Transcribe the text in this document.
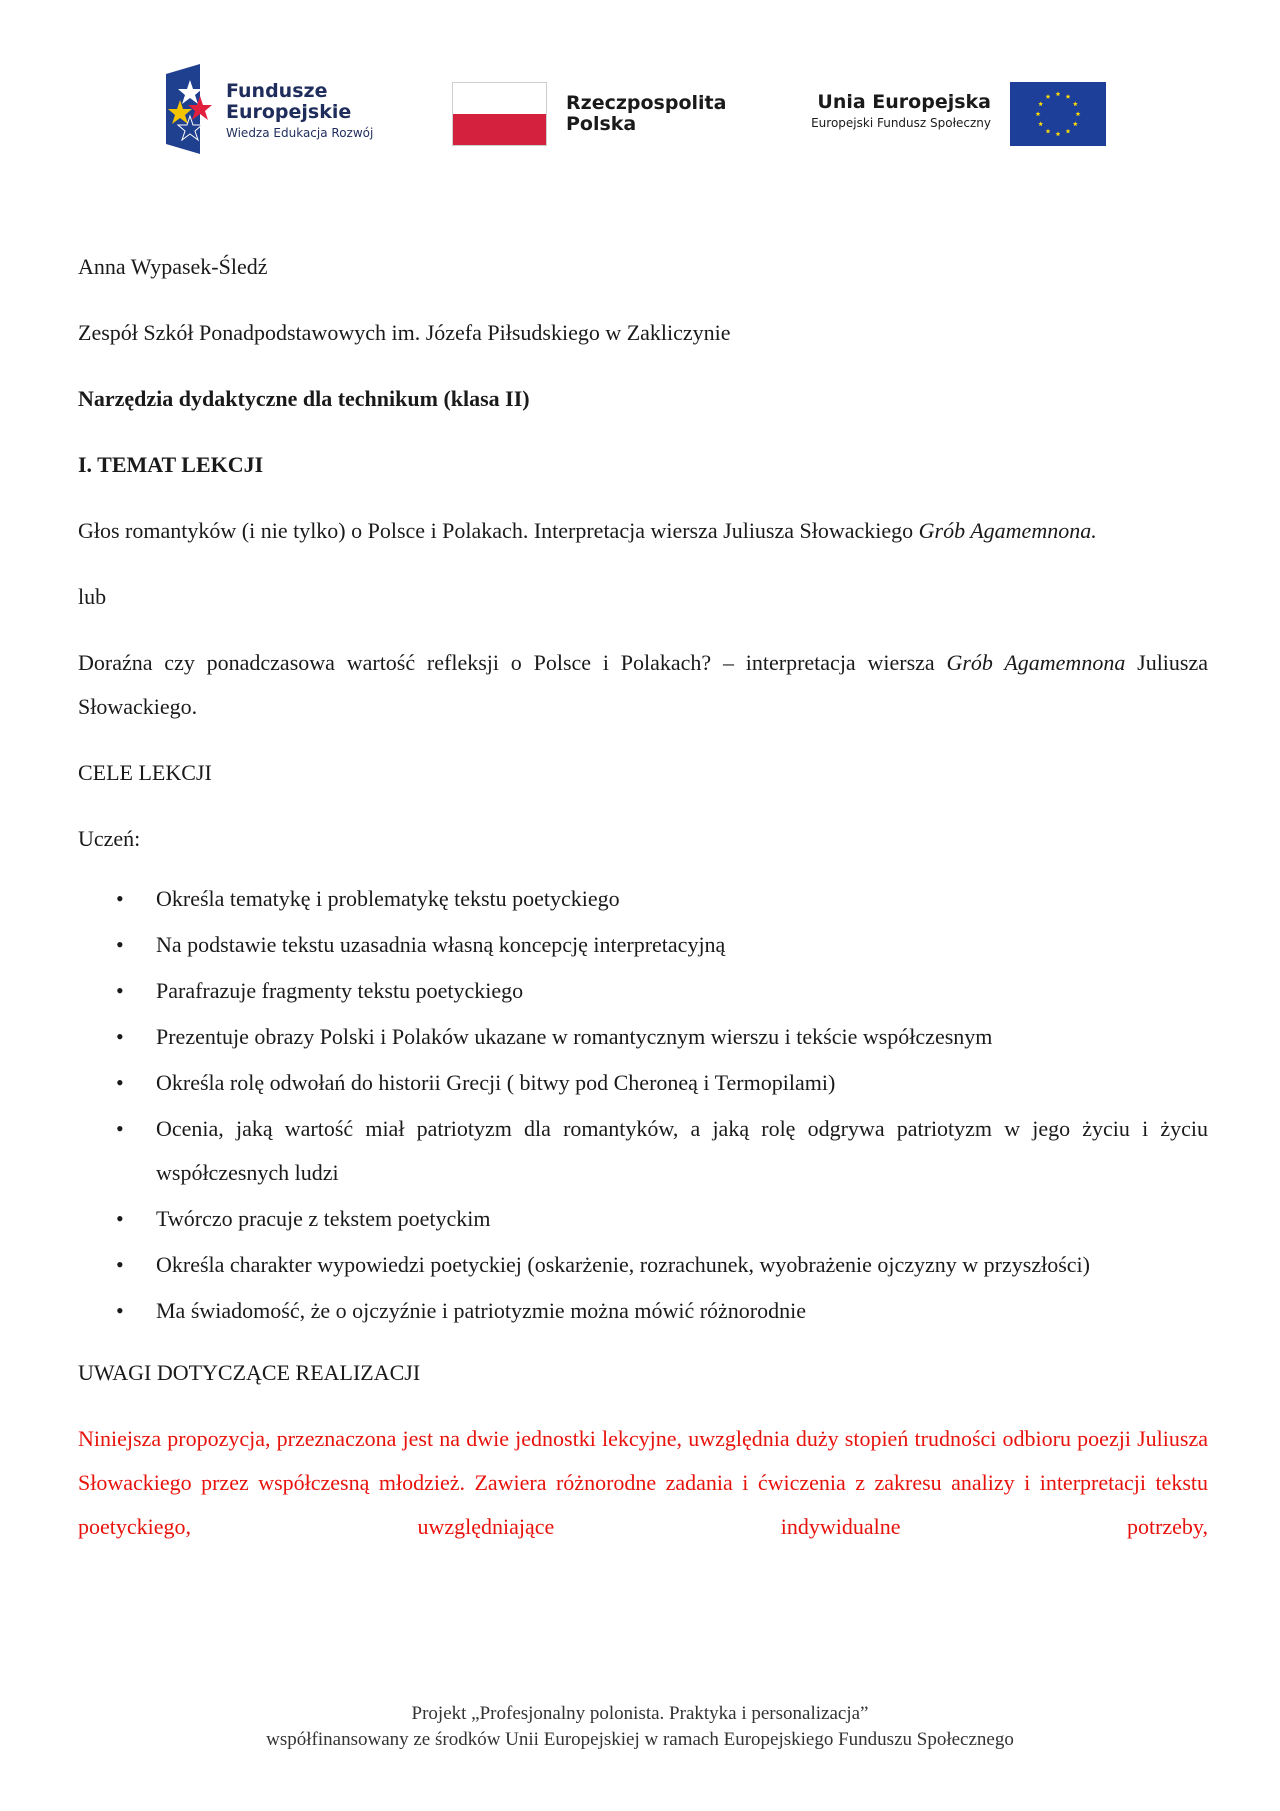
Fundusze
Europejskie
Wiedza Edukacja Rozwój
Rzeczpospolita
Polska
Unia Europejska
Europejski Fundusz Społeczny

Anna Wypasek-Śledź

Zespół Szkół Ponadpodstawowych im. Józefa Piłsudskiego w Zakliczynie

Narzędzia dydaktyczne dla technikum (klasa II)

I. TEMAT LEKCJI

Głos romantyków (i nie tylko) o Polsce i Polakach. Interpretacja wiersza Juliusza Słowackiego Grób Agamemnona.

lub

Doraźna czy ponadczasowa wartość refleksji o Polsce i Polakach? – interpretacja wiersza Grób Agamemnona Juliusza Słowackiego.

CELE LEKCJI

Uczeń:

• Określa tematykę i problematykę tekstu poetyckiego
• Na podstawie tekstu uzasadnia własną koncepcję interpretacyjną
• Parafrazuje fragmenty tekstu poetyckiego
• Prezentuje obrazy Polski i Polaków ukazane w romantycznym wierszu i tekście współczesnym
• Określa rolę odwołań do historii Grecji ( bitwy pod Cheroneą i Termopilami)
• Ocenia, jaką wartość miał patriotyzm dla romantyków, a jaką rolę odgrywa patriotyzm w jego życiu i życiu współczesnych ludzi
• Twórczo pracuje z tekstem poetyckim
• Określa charakter wypowiedzi poetyckiej (oskarżenie, rozrachunek, wyobrażenie ojczyzny w przyszłości)
• Ma świadomość, że o ojczyźnie i patriotyzmie można mówić różnorodnie

UWAGI DOTYCZĄCE REALIZACJI

Niniejsza propozycja, przeznaczona jest na dwie jednostki lekcyjne, uwzględnia duży stopień trudności odbioru poezji Juliusza Słowackiego przez współczesną młodzież. Zawiera różnorodne zadania i ćwiczenia z zakresu analizy i interpretacji tekstu poetyckiego, uwzględniające indywidualne potrzeby,

Projekt „Profesjonalny polonista. Praktyka i personalizacja”
współfinansowany ze środków Unii Europejskiej w ramach Europejskiego Funduszu Społecznego
